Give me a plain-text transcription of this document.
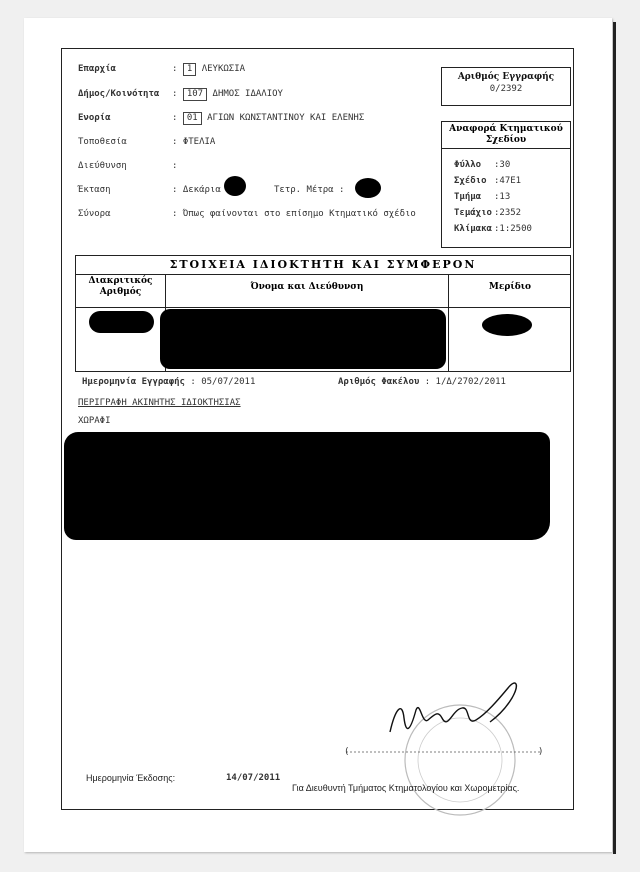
Επαρχία	: 1 ΛΕΥΚΩΣΙΑ
Δήμος/Κοινότητα : 107 ΔΗΜΟΣ ΙΔΑΛΙΟΥ
Ενορία	: 01 ΑΓΙΩΝ ΚΩΝΣΤΑΝΤΙΝΟΥ ΚΑΙ ΕΛΕΝΗΣ
Τοποθεσία	: ΦΤΕΛΙΑ
Διεύθυνση	:
Έκταση	: Δεκάρια	Τετρ. Μέτρα :
Σύνορα	: Όπως φαίνονται στο επίσημο Κτηματικό σχέδιο
Αριθμός Εγγραφής
0/2392
Αναφορά Κτηματικού Σχεδίου
Φύλλο :30
Σχέδιο :47E1
Τμήμα :13
Τεμάχιο :2352
Κλίμακα :1:2500
ΣΤΟΙΧΕΙΑ ΙΔΙΟΚΤΗΤΗ ΚΑΙ ΣΥΜΦΕΡΟΝ
Διακριτικός Αριθμός	Όνομα και Διεύθυνση	Μερίδιο
Ημερομηνία Εγγραφής : 05/07/2011	Αριθμός Φακέλου : 1/Δ/2702/2011
ΠΕΡΙΓΡΑΦΗ ΑΚΙΝΗΤΗΣ ΙΔΙΟΚΤΗΣΙΑΣ
ΧΩΡΑΦΙ
(	)
Ημερομηνία Έκδοσης:	14/07/2011
Για Διευθυντή Τμήματος Κτηματολογίου και Χωρομετρίας.
